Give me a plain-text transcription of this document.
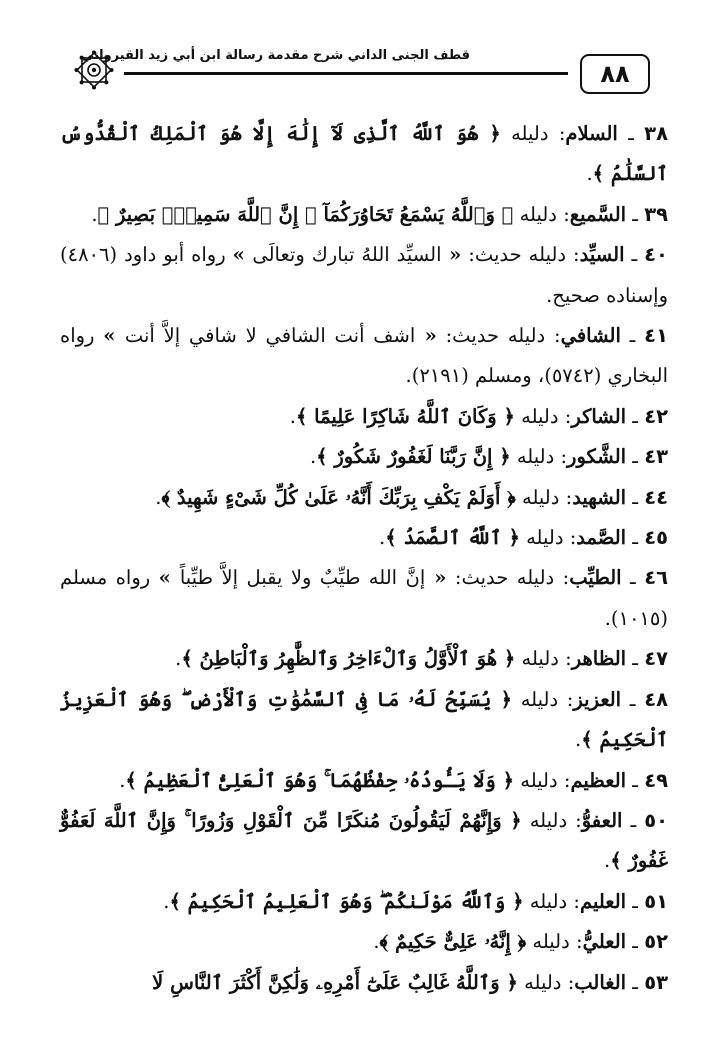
قطف الجنى الداني شرح مقدمة رسالة ابن أبي زيد القيرواني
٨٨

٣٨ ـ السلام: دليله ﴿ هُوَ ٱللَّهُ ٱلَّذِى لَآ إِلَٰهَ إِلَّا هُوَ ٱلْمَلِكُ ٱلْقُدُّوسُ ٱلسَّلَٰمُ ﴾.

٣٩ ـ السَّميع: دليله ﴿ وَٱللَّهُ يَسْمَعُ تَحَاوُرَكُمَآ ۚ إِنَّ ٱللَّهَ سَمِيعٌۢ بَصِيرٌ ﴾.

٤٠ ـ السيِّد: دليله حديث: « السيِّد اللهُ تبارك وتعالَى » رواه أبو داود (٤٨٠٦) وإسناده صحيح.

٤١ ـ الشافي: دليله حديث: « اشف أنت الشافي لا شافي إلاَّ أنت » رواه البخاري (٥٧٤٢)، ومسلم (٢١٩١).

٤٢ ـ الشاكر: دليله ﴿ وَكَانَ ٱللَّهُ شَاكِرًا عَلِيمًا ﴾.

٤٣ ـ الشَّكور: دليله ﴿ إِنَّ رَبَّنَا لَغَفُورٌ شَكُورٌ ﴾.

٤٤ ـ الشهيد: دليله ﴿ أَوَلَمْ يَكْفِ بِرَبِّكَ أَنَّهُۥ عَلَىٰ كُلِّ شَىْءٍ شَهِيدٌ ﴾.

٤٥ ـ الصَّمد: دليله ﴿ ٱللَّهُ ٱلصَّمَدُ ﴾.

٤٦ ـ الطيِّب: دليله حديث: « إنَّ الله طيِّبٌ ولا يقبل إلاَّ طيِّباً » رواه مسلم (١٠١٥).

٤٧ ـ الظاهر: دليله ﴿ هُوَ ٱلْأَوَّلُ وَٱلْءَاخِرُ وَٱلظَّٰهِرُ وَٱلْبَاطِنُ ﴾.

٤٨ ـ العزيز: دليله ﴿ يُسَبِّحُ لَهُۥ مَا فِى ٱلسَّمَٰوَٰتِ وَٱلْأَرْضِ ۖ وَهُوَ ٱلْعَزِيزُ ٱلْحَكِيمُ ﴾.

٤٩ ـ العظيم: دليله ﴿ وَلَا يَـُٔودُهُۥ حِفْظُهُمَا ۚ وَهُوَ ٱلْعَلِىُّ ٱلْعَظِيمُ ﴾.

٥٠ ـ العفوُّ: دليله ﴿ وَإِنَّهُمْ لَيَقُولُونَ مُنكَرًا مِّنَ ٱلْقَوْلِ وَزُورًا ۚ وَإِنَّ ٱللَّهَ لَعَفُوٌّ غَفُورٌ ﴾.

٥١ ـ العليم: دليله ﴿ وَٱللَّهُ مَوْلَىٰكُمْ ۖ وَهُوَ ٱلْعَلِيمُ ٱلْحَكِيمُ ﴾.

٥٢ ـ العليُّ: دليله ﴿ إِنَّهُۥ عَلِىٌّ حَكِيمٌ ﴾.

٥٣ ـ الغالب: دليله ﴿ وَٱللَّهُ غَالِبٌ عَلَىٰٓ أَمْرِهِۦ وَلَٰكِنَّ أَكْثَرَ ٱلنَّاسِ لَا
